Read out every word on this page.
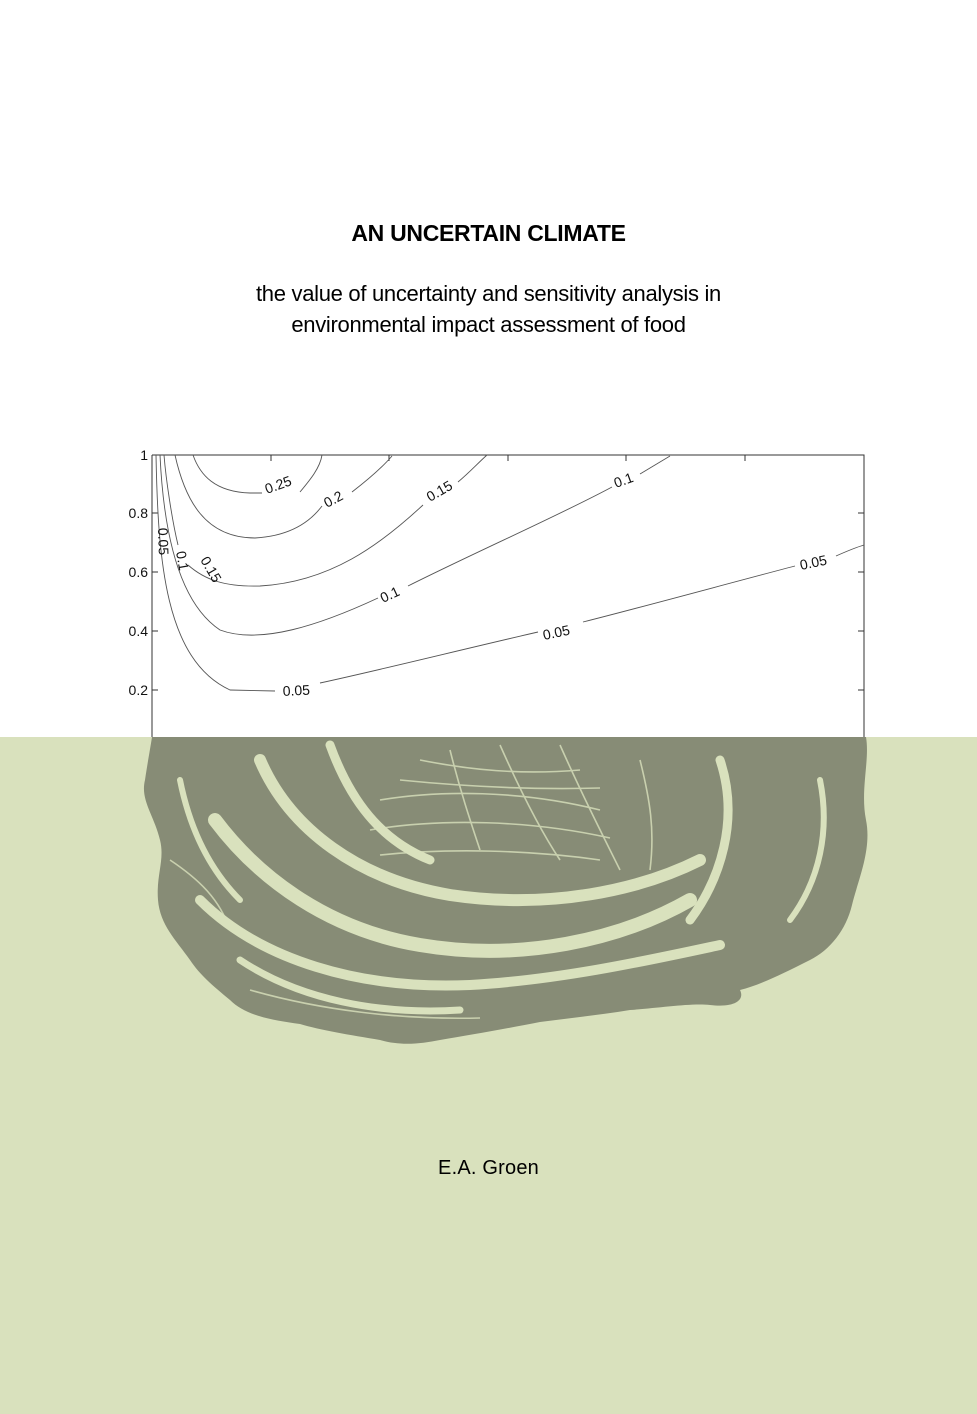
AN UNCERTAIN CLIMATE
the value of uncertainty and sensitivity analysis in
environmental impact assessment of food
1
0.8
0.6
0.4
0.2
0.25
0.2	0.15
0.1
0.05
0.15
0.1
0.05
0.1
0.05
0.05
E.A. Groen
